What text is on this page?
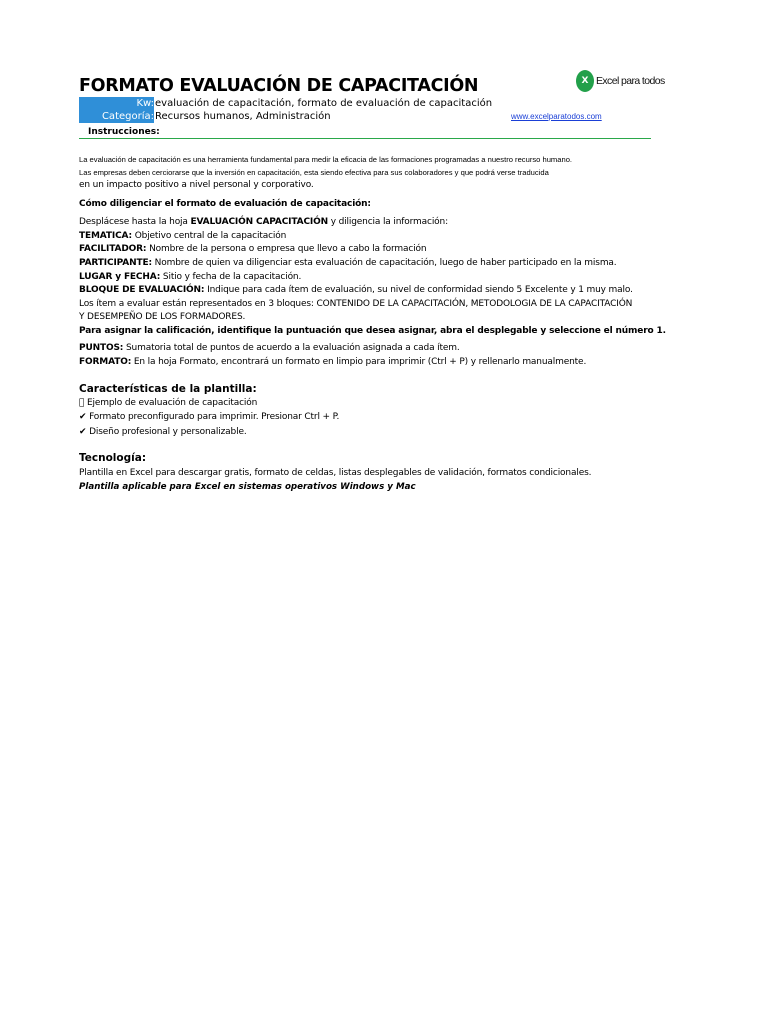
FORMATO EVALUACIÓN DE CAPACITACIÓN	X Excel para todos
Kw: evaluación de capacitación, formato de evaluación de capacitación
Categoría: Recursos humanos, Administración	www.excelparatodos.com
Instrucciones:
La evaluación de capacitación es una herramienta fundamental para medir la eficacia de las formaciones programadas a nuestro recurso humano.
Las empresas deben cerciorarse que la inversión en capacitación, esta siendo efectiva para sus colaboradores y que podrá verse traducida
en un impacto positivo a nivel personal y corporativo.
Cómo diligenciar el formato de evaluación de capacitación:
Desplácese hasta la hoja EVALUACIÓN CAPACITACIÓN y diligencia la información:
TEMATICA: Objetivo central de la capacitación
FACILITADOR: Nombre de la persona o empresa que llevo a cabo la formación
PARTICIPANTE: Nombre de quien va diligenciar esta evaluación de capacitación, luego de haber participado en la misma.
LUGAR y FECHA: Sitio y fecha de la capacitación.
BLOQUE DE EVALUACIÓN: Indique para cada ítem de evaluación, su nivel de conformidad siendo 5 Excelente y 1 muy malo.
Los ítem a evaluar están representados en 3 bloques: CONTENIDO DE LA CAPACITACIÓN, METODOLOGIA DE LA CAPACITACIÓN
Y DESEMPEÑO DE LOS FORMADORES.
Para asignar la calificación, identifique la puntuación que desea asignar, abra el desplegable y seleccione el número 1.
PUNTOS: Sumatoria total de puntos de acuerdo a la evaluación asignada a cada ítem.
FORMATO: En la hoja Formato, encontrará un formato en limpio para imprimir (Ctrl + P) y rellenarlo manualmente.
Características de la plantilla:
Ejemplo de evaluación de capacitación
✔ Formato preconfigurado para imprimir. Presionar Ctrl + P.
✔ Diseño profesional y personalizable.
Tecnología:
Plantilla en Excel para descargar gratis, formato de celdas, listas desplegables de validación, formatos condicionales.
Plantilla aplicable para Excel en sistemas operativos Windows y Mac
